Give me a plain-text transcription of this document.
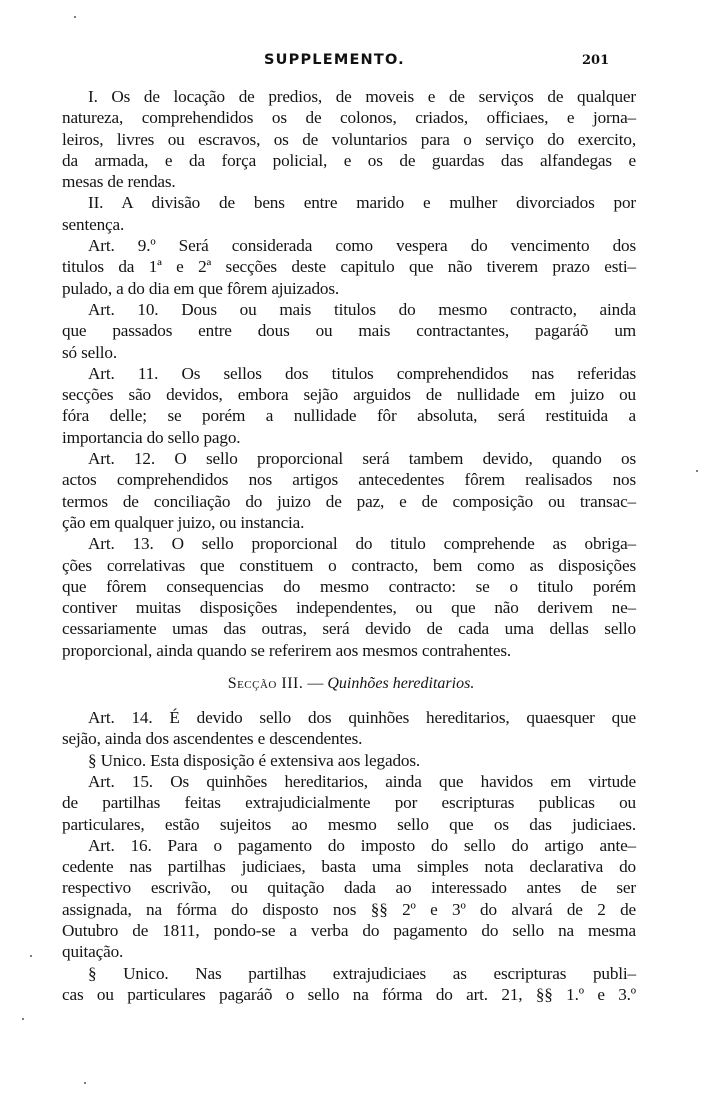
SUPPLEMENTO.	201
I. Os de locação de predios, de moveis e de serviços de qualquer
natureza, comprehendidos os de colonos, criados, officiaes, e jorna–
leiros, livres ou escravos, os de voluntarios para o serviço do exercito,
da armada, e da força policial, e os de guardas das alfandegas e
mesas de rendas.
II. A divisão de bens entre marido e mulher divorciados por
sentença.
Art. 9.º Será considerada como vespera do vencimento dos
titulos da 1ª e 2ª secções deste capitulo que não tiverem prazo esti–
pulado, a do dia em que fôrem ajuizados.
Art. 10. Dous ou mais titulos do mesmo contracto, ainda
que passados entre dous ou mais contractantes, pagaráõ um
só sello.
Art. 11. Os sellos dos titulos comprehendidos nas referidas
secções são devidos, embora sejão arguidos de nullidade em juizo ou
fóra delle; se porém a nullidade fôr absoluta, será restituida a
importancia do sello pago.
Art. 12. O sello proporcional será tambem devido, quando os
actos comprehendidos nos artigos antecedentes fôrem realisados nos
termos de conciliação do juizo de paz, e de composição ou transac–
ção em qualquer juizo, ou instancia.
Art. 13. O sello proporcional do titulo comprehende as obriga–
ções correlativas que constituem o contracto, bem como as disposições
que fôrem consequencias do mesmo contracto: se o titulo porém
contiver muitas disposições independentes, ou que não derivem ne–
cessariamente umas das outras, será devido de cada uma dellas sello
proporcional, ainda quando se referirem aos mesmos contrahentes.
Secção III. — Quinhões hereditarios.
Art. 14. É devido sello dos quinhões hereditarios, quaesquer que
sejão, ainda dos ascendentes e descendentes.
§ Unico. Esta disposição é extensiva aos legados.
Art. 15. Os quinhões hereditarios, ainda que havidos em virtude
de partilhas feitas extrajudicialmente por escripturas publicas ou
particulares, estão sujeitos ao mesmo sello que os das judiciaes.
Art. 16. Para o pagamento do imposto do sello do artigo ante–
cedente nas partilhas judiciaes, basta uma simples nota declarativa do
respectivo escrivão, ou quitação dada ao interessado antes de ser
assignada, na fórma do disposto nos §§ 2º e 3º do alvará de 2 de
Outubro de 1811, pondo-se a verba do pagamento do sello na mesma
quitação.
§ Unico. Nas partilhas extrajudiciaes as escripturas publi–
cas ou particulares pagaráõ o sello na fórma do art. 21, §§ 1.º e 3.º
